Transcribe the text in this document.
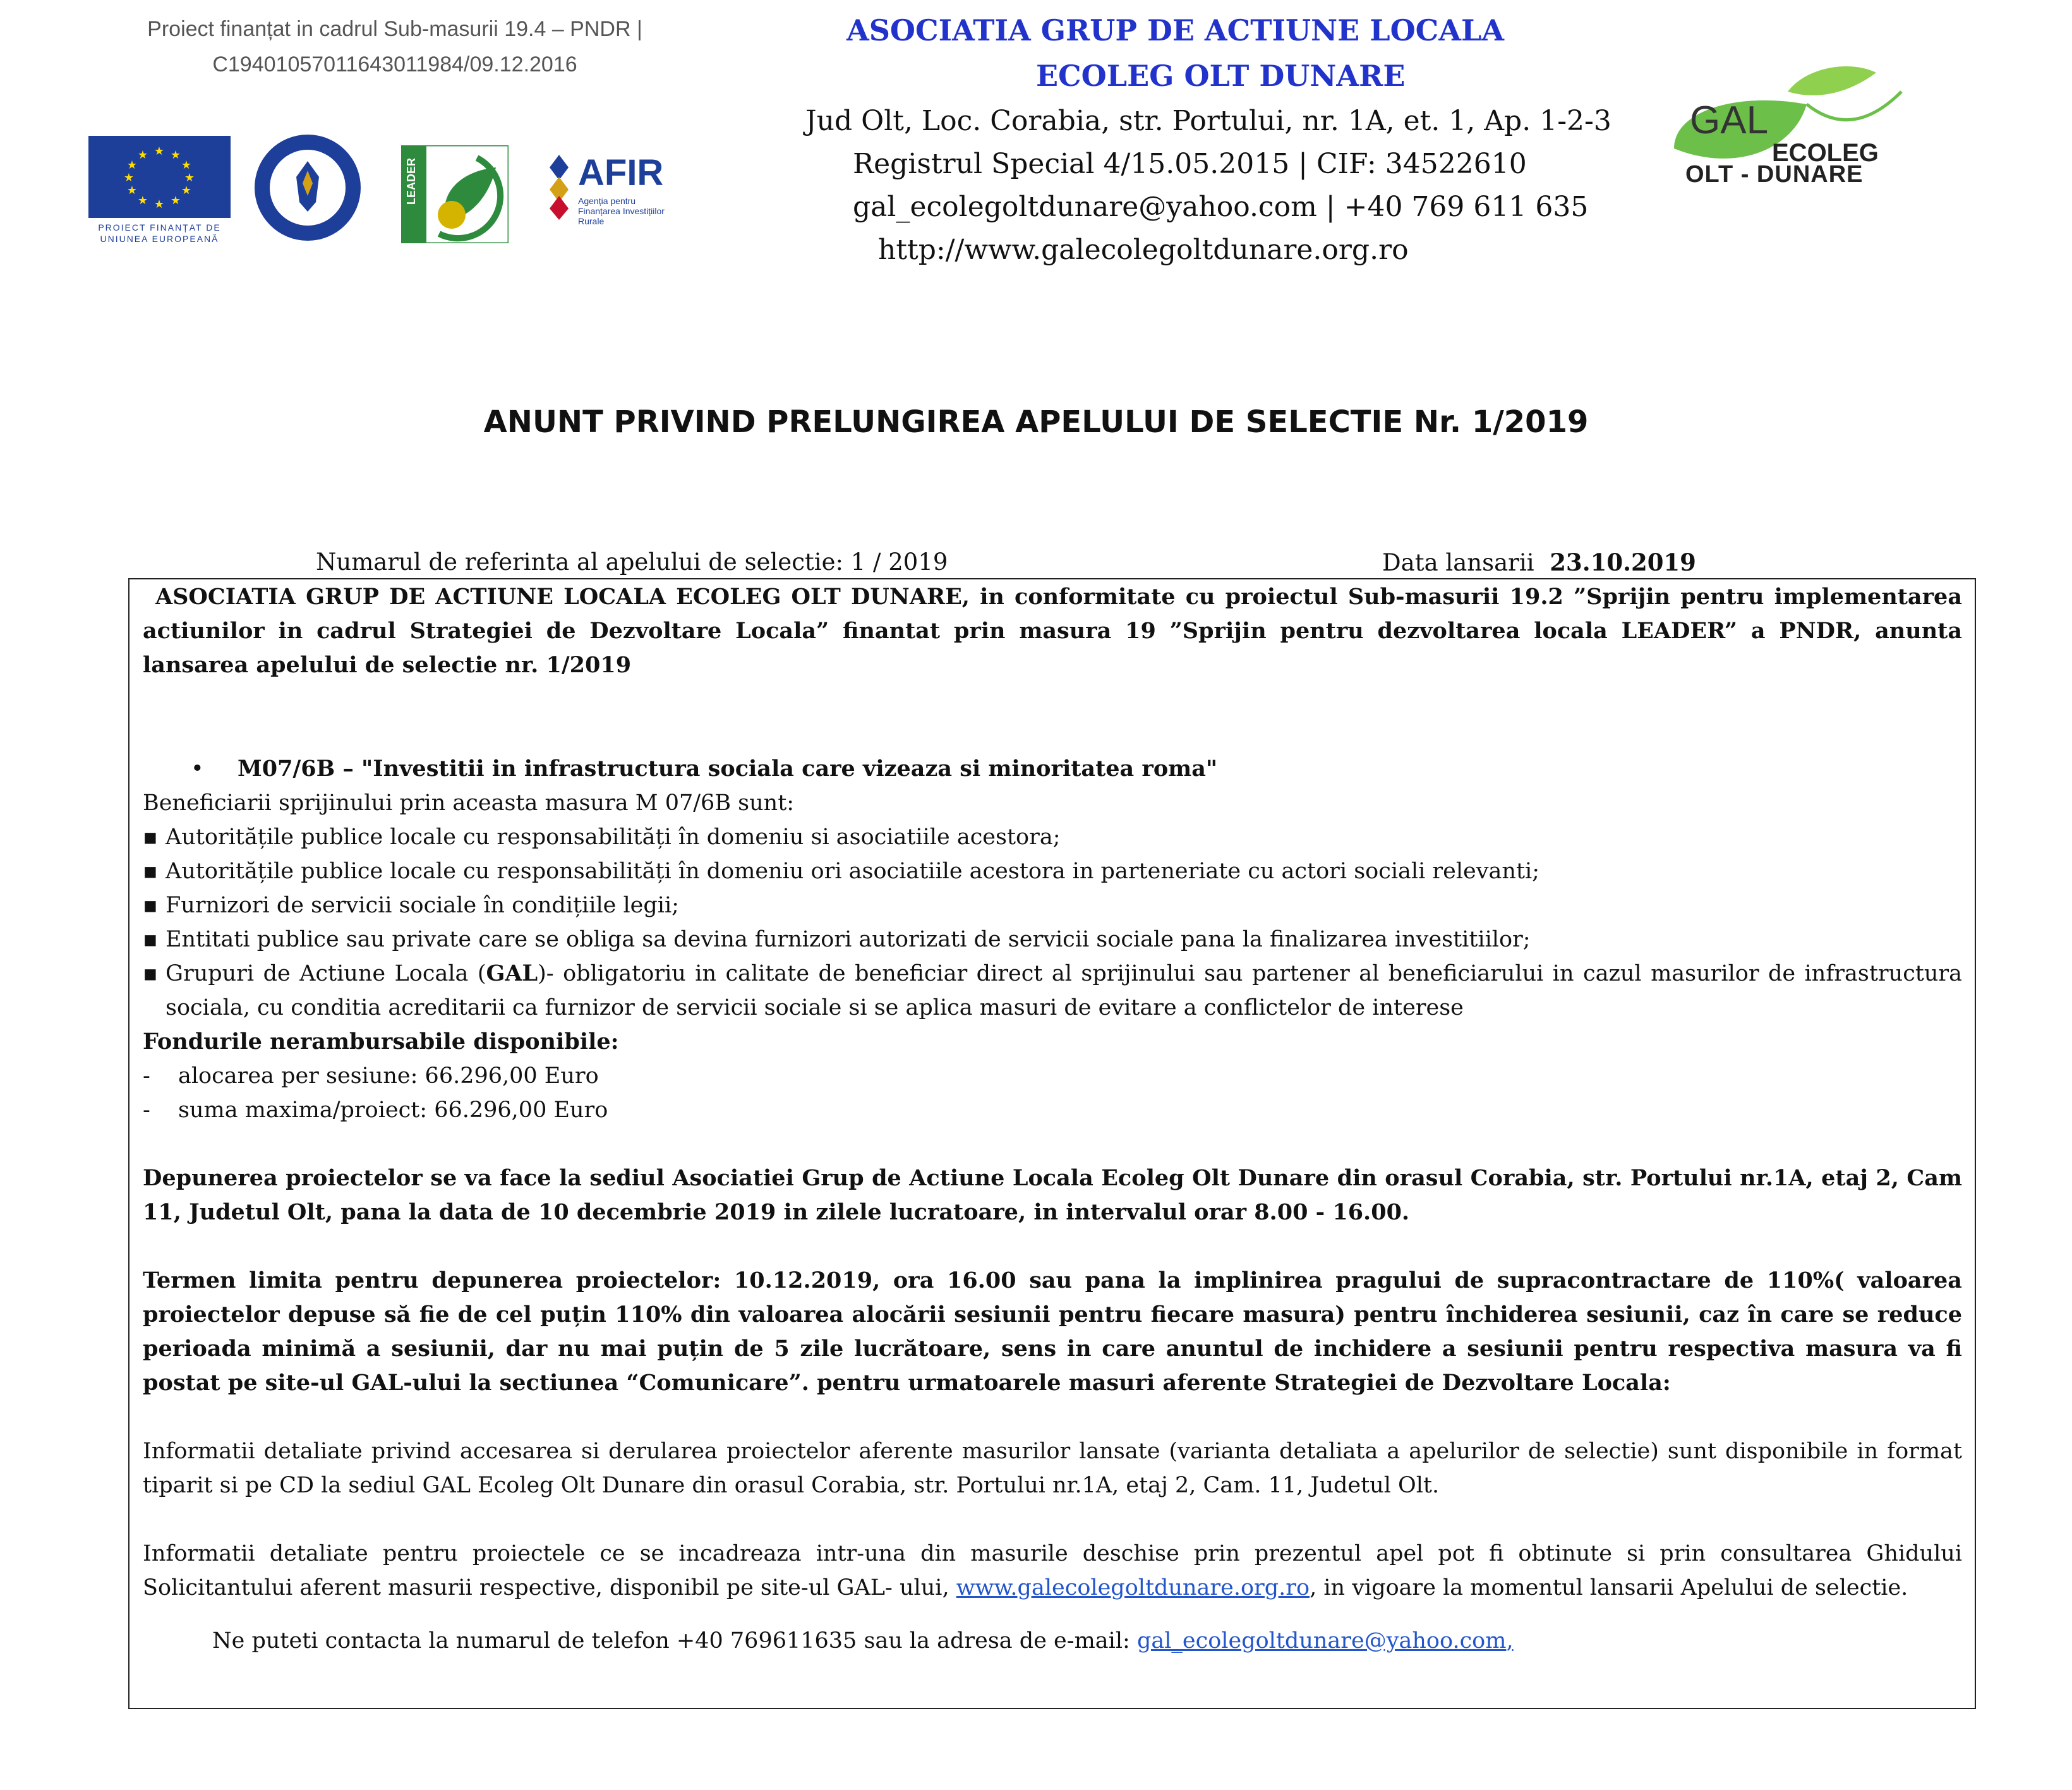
Proiect finanțat in cadrul Sub-masurii 19.4 – PNDR |
C19401057011643011984/09.12.2016
★ ★
★
★
★
★
★
★
★
★
★
★
PROIECT FINANȚAT DE
UNIUNEA EUROPEANĂ
LEADER	AFIR
Agenția pentru Finanțarea Investițiilor Rurale
ASOCIATIA GRUP DE ACTIUNE LOCALA
ECOLEG OLT DUNARE
Jud Olt, Loc. Corabia, str. Portului, nr. 1A, et. 1, Ap. 1-2-3
Registrul Special 4/15.05.2015 | CIF: 34522610
gal_ecolegoltdunare@yahoo.com | +40 769 611 635
http://www.galecolegoltdunare.org.ro
GAL
ECOLEG
OLT - DUNARE
ANUNT PRIVIND PRELUNGIREA APELULUI DE SELECTIE Nr. 1/2019
Numarul de referinta al apelului de selectie: 1 / 2019	Data lansarii 23.10.2019

ASOCIATIA GRUP DE ACTIUNE LOCALA ECOLEG OLT DUNARE, in conformitate cu proiectul Sub-masurii 19.2 ”Sprijin pentru implementarea actiunilor in cadrul Strategiei de Dezvoltare Locala” finantat prin masura 19 ”Sprijin pentru dezvoltarea locala LEADER” a PNDR, anunta lansarea apelului de selectie nr. 1/2019

• M07/6B – "Investitii in infrastructura sociala care vizeaza si minoritatea roma"

Beneficiarii sprijinului prin aceasta masura M 07/6B sunt:

▪ Autoritățile publice locale cu responsabilități în domeniu si asociatiile acestora;

▪ Autoritățile publice locale cu responsabilități în domeniu ori asociatiile acestora in parteneriate cu actori sociali relevanti;

▪ Furnizori de servicii sociale în condițiile legii;

▪ Entitati publice sau private care se obliga sa devina furnizori autorizati de servicii sociale pana la finalizarea investitiilor;

▪ Grupuri de Actiune Locala (GAL)- obligatoriu in calitate de beneficiar direct al sprijinului sau partener al beneficiarului in cazul masurilor de infrastructura sociala, cu conditia acreditarii ca furnizor de servicii sociale si se aplica masuri de evitare a conflictelor de interese

Fondurile nerambursabile disponibile:

- alocarea per sesiune: 66.296,00 Euro

- suma maxima/proiect: 66.296,00 Euro

Depunerea proiectelor se va face la sediul Asociatiei Grup de Actiune Locala Ecoleg Olt Dunare din orasul Corabia, str. Portului nr.1A, etaj 2, Cam 11, Judetul Olt, pana la data de 10 decembrie 2019 in zilele lucratoare, in intervalul orar 8.00 - 16.00.

Termen limita pentru depunerea proiectelor: 10.12.2019, ora 16.00 sau pana la implinirea pragului de supracontractare de 110%( valoarea proiectelor depuse să fie de cel puțin 110% din valoarea alocării sesiunii pentru fiecare masura) pentru închiderea sesiunii, caz în care se reduce perioada minimă a sesiunii, dar nu mai puțin de 5 zile lucrătoare, sens in care anuntul de inchidere a sesiunii pentru respectiva masura va fi postat pe site-ul GAL-ului la sectiunea “Comunicare”. pentru urmatoarele masuri aferente Strategiei de Dezvoltare Locala:

Informatii detaliate privind accesarea si derularea proiectelor aferente masurilor lansate (varianta detaliata a apelurilor de selectie) sunt disponibile in format tiparit si pe CD la sediul GAL Ecoleg Olt Dunare din orasul Corabia, str. Portului nr.1A, etaj 2, Cam. 11, Judetul Olt.

Informatii detaliate pentru proiectele ce se incadreaza intr-una din masurile deschise prin prezentul apel pot fi obtinute si prin consultarea Ghidului Solicitantului aferent masurii respective, disponibil pe site-ul GAL- ului, www.galecolegoltdunare.org.ro, in vigoare la momentul lansarii Apelului de selectie.

Ne puteti contacta la numarul de telefon +40 769611635 sau la adresa de e-mail: gal_ecolegoltdunare@yahoo.com,
